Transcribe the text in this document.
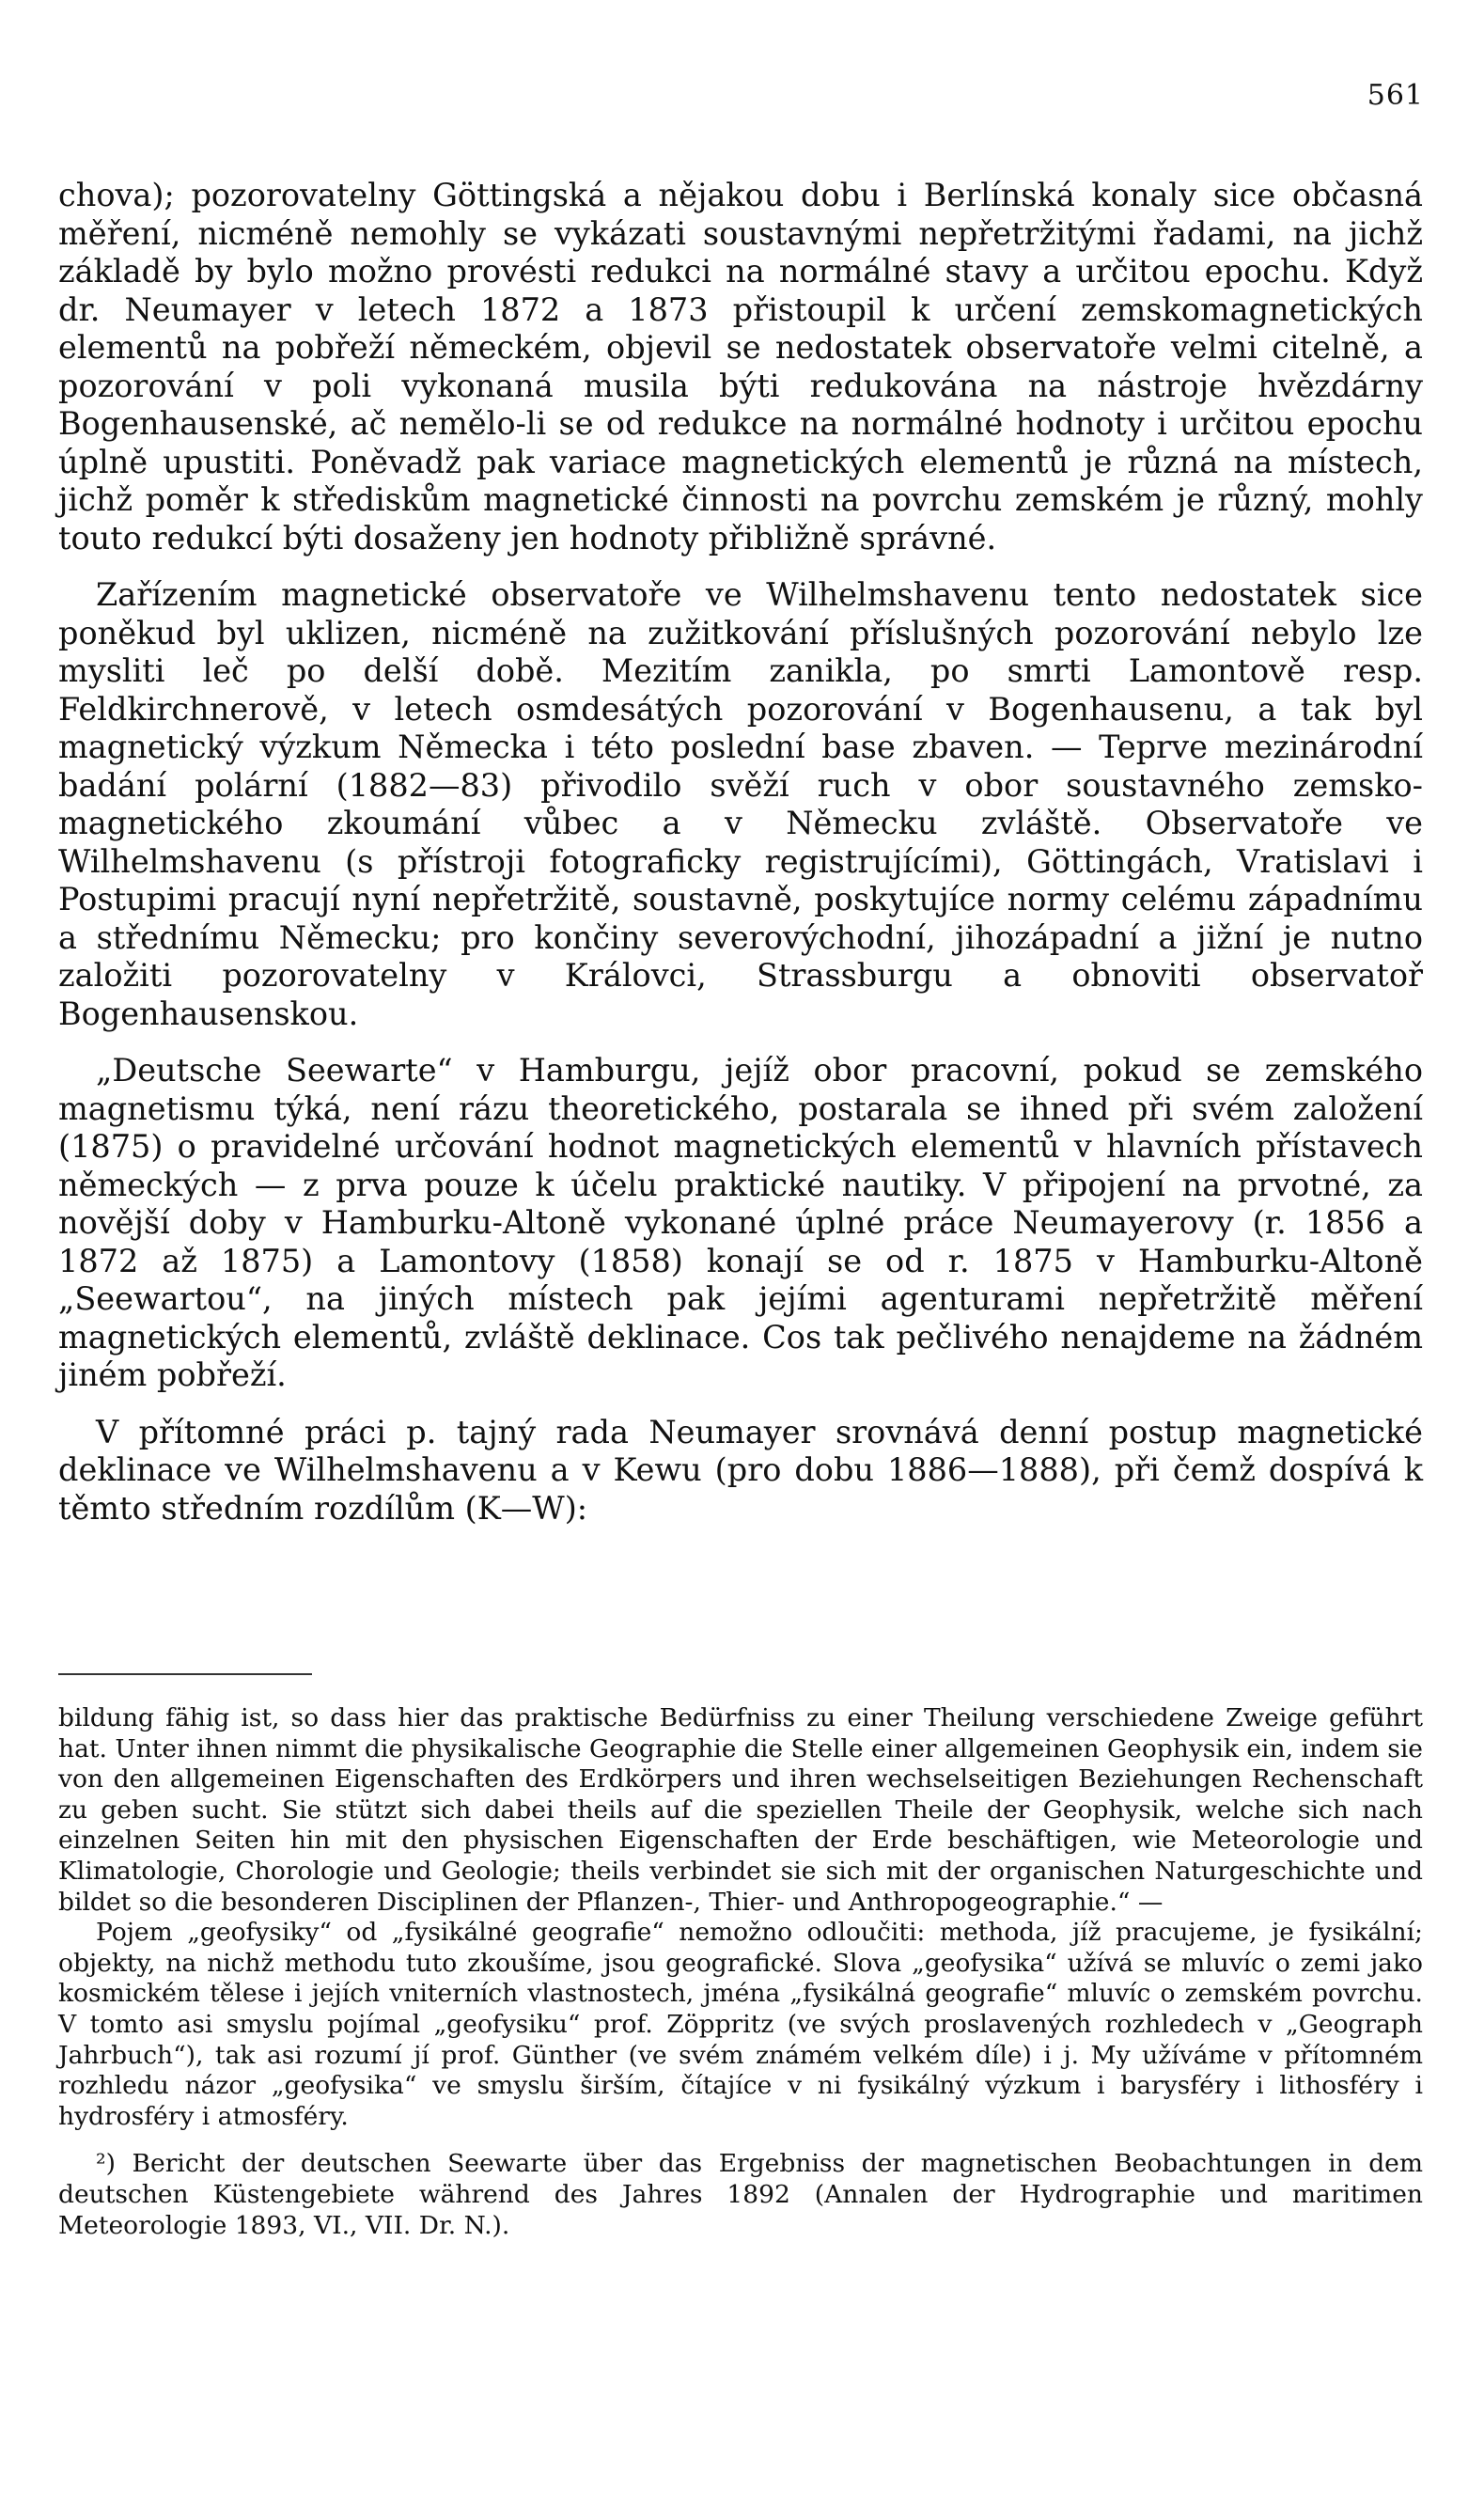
561

chova); pozorovatelny Göttingská a nějakou dobu i Berlínská konaly sice občasná měření, nicméně nemohly se vykázati soustavnými nepřetržitými řadami, na jichž základě by bylo možno provésti redukci na normálné stavy a určitou epochu. Když dr. Neumayer v letech 1872 a 1873 přistoupil k určení zemskomagnetických elementů na pobřeží německém, objevil se nedostatek observatoře velmi citelně, a pozorování v poli vykonaná musila býti redukována na nástroje hvězdárny Bogenhausenské, ač nemělo-li se od redukce na normálné hodnoty i určitou epochu úplně upustiti. Poněvadž pak variace magnetických elementů je různá na místech, jichž poměr k střediskům magnetické činnosti na povrchu zemském je různý, mohly touto redukcí býti dosaženy jen hodnoty přibližně správné.

Zařízením magnetické observatoře ve Wilhelmshavenu tento nedostatek sice poněkud byl uklizen, nicméně na zužitkování příslušných pozorování nebylo lze mysliti leč po delší době. Mezitím zanikla, po smrti Lamontově resp. Feldkirchnerově, v letech osmdesátých pozorování v Bogenhausenu, a tak byl magnetický výzkum Německa i této poslední base zbaven. — Teprve mezinárodní badání polární (1882—83) přivodilo svěží ruch v obor soustavného zemsko-magnetického zkoumání vůbec a v Německu zvláště. Observatoře ve Wilhelmshavenu (s přístroji fotograficky registrujícími), Göttingách, Vratislavi i Postupimi pracují nyní nepřetržitě, soustavně, poskytujíce normy celému západnímu a střednímu Německu; pro končiny severovýchodní, jihozápadní a jižní je nutno založiti pozorovatelny v Královci, Strassburgu a obnoviti observatoř Bogenhausenskou.

„Deutsche Seewarte“ v Hamburgu, jejíž obor pracovní, pokud se zemského magnetismu týká, není rázu theoretického, postarala se ihned při svém založení (1875) o pravidelné určování hodnot magnetických elementů v hlavních přístavech německých — z prva pouze k účelu praktické nautiky. V připojení na prvotné, za novější doby v Hamburku-Altoně vykonané úplné práce Neumayerovy (r. 1856 a 1872 až 1875) a Lamontovy (1858) konají se od r. 1875 v Hamburku-Altoně „Seewartou“, na jiných místech pak jejími agenturami nepřetržitě měření magnetických elementů, zvláště deklinace. Cos tak pečlivého nenajdeme na žádném jiném pobřeží.

V přítomné práci p. tajný rada Neumayer srovnává denní postup magnetické deklinace ve Wilhelmshavenu a v Kewu (pro dobu 1886—1888), při čemž dospívá k těmto středním rozdílům (K—W):

bildung fähig ist, so dass hier das praktische Bedürfniss zu einer Theilung verschiedene Zweige geführt hat. Unter ihnen nimmt die physikalische Geographie die Stelle einer allgemeinen Geophysik ein, indem sie von den allgemeinen Eigenschaften des Erdkörpers und ihren wechselseitigen Beziehungen Rechenschaft zu geben sucht. Sie stützt sich dabei theils auf die speziellen Theile der Geophysik, welche sich nach einzelnen Seiten hin mit den physischen Eigenschaften der Erde beschäftigen, wie Meteorologie und Klimatologie, Chorologie und Geologie; theils verbindet sie sich mit der organischen Naturgeschichte und bildet so die besonderen Disciplinen der Pflanzen-, Thier- und Anthropogeographie.“ —

Pojem „geofysiky“ od „fysikálné geografie“ nemožno odloučiti: methoda, jíž pracujeme, je fysikální; objekty, na nichž methodu tuto zkoušíme, jsou geografické. Slova „geofysika“ užívá se mluvíc o zemi jako kosmickém tělese i jejích vniterních vlastnostech, jména „fysikálná geografie“ mluvíc o zemském povrchu. V tomto asi smyslu pojímal „geofysiku“ prof. Zöppritz (ve svých proslavených rozhledech v „Geograph Jahrbuch“), tak asi rozumí jí prof. Günther (ve svém známém velkém díle) i j. My užíváme v přítomném rozhledu názor „geofysika“ ve smyslu širším, čítajíce v ni fysikálný výzkum i barysféry i lithosféry i hydrosféry i atmosféry.

²) Bericht der deutschen Seewarte über das Ergebniss der magnetischen Beobachtungen in dem deutschen Küstengebiete während des Jahres 1892 (Annalen der Hydrographie und maritimen Meteorologie 1893, VI., VII. Dr. N.).
